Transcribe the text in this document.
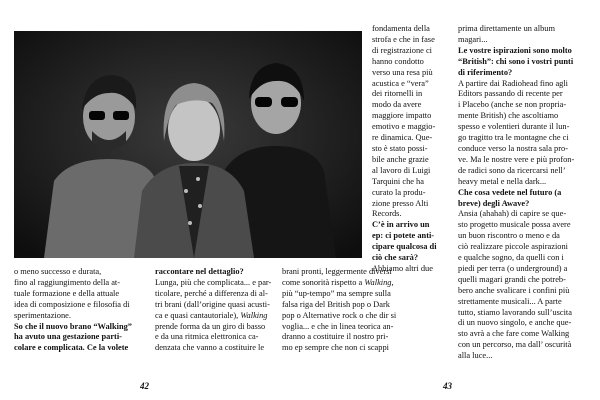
o meno successo e durata,

fino al raggiungimento della at-

tuale formazione e della attuale

idea di composizione e filosofia di

sperimentazione.

So che il nuovo brano “Walking”

ha avuto una gestazione parti-

colare e complicata. Ce la volete

raccontare nel dettaglio?

Lunga, più che complicata... e par-

ticolare, perché a differenza di al-

tri brani (dall’origine quasi acusti-

ca e quasi cantautoriale), Walking

prende forma da un giro di basso

e da una ritmica elettronica ca-

denzata che vanno a costituire le

fondamenta della

strofa e che in fase

di registrazione ci

hanno condotto

verso una resa più

acustica e “vera”

dei ritornelli in

modo da avere

maggiore impatto

emotivo e maggio-

re dinamica. Que-

sto è stato possi-

bile anche grazie

al lavoro di Luigi

Tarquini che ha

curato la produ-

zione presso Alti

Records.

C’è in arrivo un

ep: ci potete anti-

cipare qualcosa di

ciò che sarà?

Abbiamo altri due

42

brani pronti, leggermente diversi

come sonorità rispetto a Walking,

più “up-tempo” ma sempre sulla

falsa riga del British pop o Dark

pop o Alternative rock o che dir si

voglia... e che in linea teorica an-

dranno a costituire il nostro pri-

mo ep sempre che non ci scappi

prima direttamente un album

magari...

Le vostre ispirazioni sono molto

“British”: chi sono i vostri punti

di riferimento?

A partire dai Radiohead fino agli

Editors passando di recente per

i Placebo (anche se non propria-

mente British) che ascoltiamo

spesso e volentieri durante il lun-

go tragitto tra le montagne che ci

conduce verso la nostra sala pro-

ve. Ma le nostre vere e più profon-

de radici sono da ricercarsi nell’

heavy metal e nella dark...

Che cosa vedete nel futuro (a

breve) degli Awave?

Ansia (ahahah) di capire se que-

sto progetto musicale possa avere

un buon riscontro o meno e da

ciò realizzare piccole aspirazioni

e qualche sogno, da quelli con i

piedi per terra (o underground) a

quelli magari grandi che potreb-

bero anche svalicare i confini più

strettamente musicali... A parte

tutto, stiamo lavorando sull’uscita

di un nuovo singolo, e anche que-

sto avrà a che fare come Walking

con un percorso, ma dall’ oscurità

alla luce...

43
